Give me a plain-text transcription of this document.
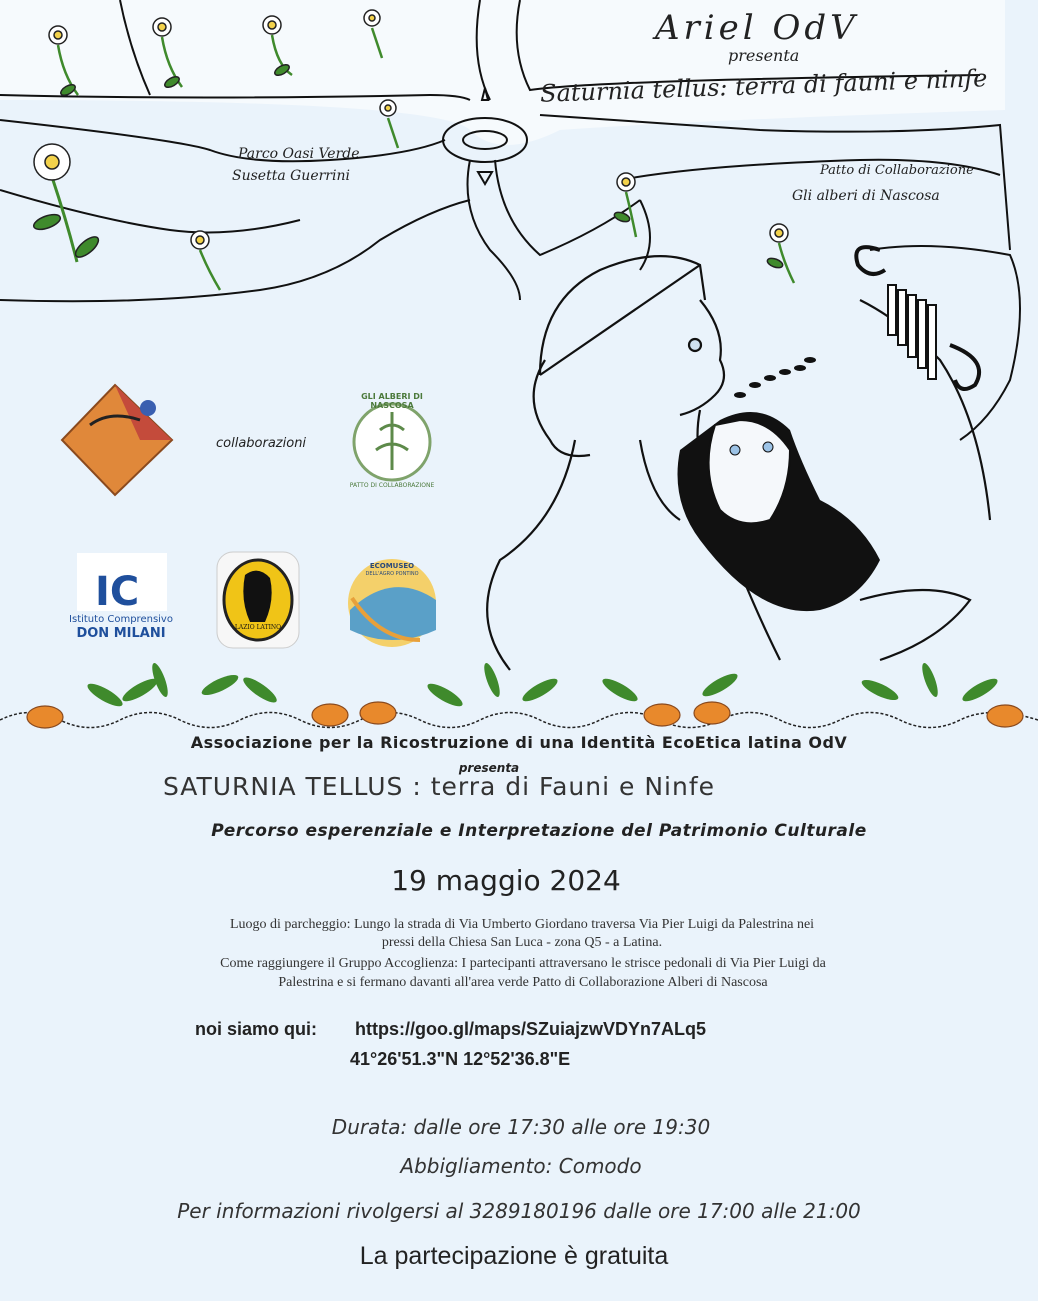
IC
Ariel OdV
presenta
Saturnia tellus: terra di fauni e ninfe
Parco Oasi Verde
Susetta Guerrini	Patto di Collaborazione
Gli alberi di Nascosa
collaborazioni
GLI ALBERI DI NASCOSA
PATTO DI COLLABORAZIONE
Istituto Comprensivo
DON MILANI	LAZIO LATINO
ECOMUSEO
DELL'AGRO PONTINO
Associazione per la Ricostruzione di una Identità EcoEtica latina OdV
presenta
SATURNIA TELLUS : terra di Fauni e Ninfe
Percorso esperenziale e Interpretazione del Patrimonio Culturale
19 maggio 2024
Luogo di parcheggio: Lungo la strada di Via Umberto Giordano traversa Via Pier Luigi da Palestrina nei
pressi della Chiesa San Luca - zona Q5 - a Latina.
Come raggiungere il Gruppo Accoglienza: I partecipanti attraversano le strisce pedonali di Via Pier Luigi da
Palestrina e si fermano davanti all'area verde Patto di Collaborazione Alberi di Nascosa
noi siamo qui: https://goo.gl/maps/SZuiajzwVDYn7ALq5
41°26'51.3"N 12°52'36.8"E
Durata: dalle ore 17:30 alle ore 19:30
Abbigliamento: Comodo
Per informazioni rivolgersi al 3289180196 dalle ore 17:00 alle 21:00
La partecipazione è gratuita
